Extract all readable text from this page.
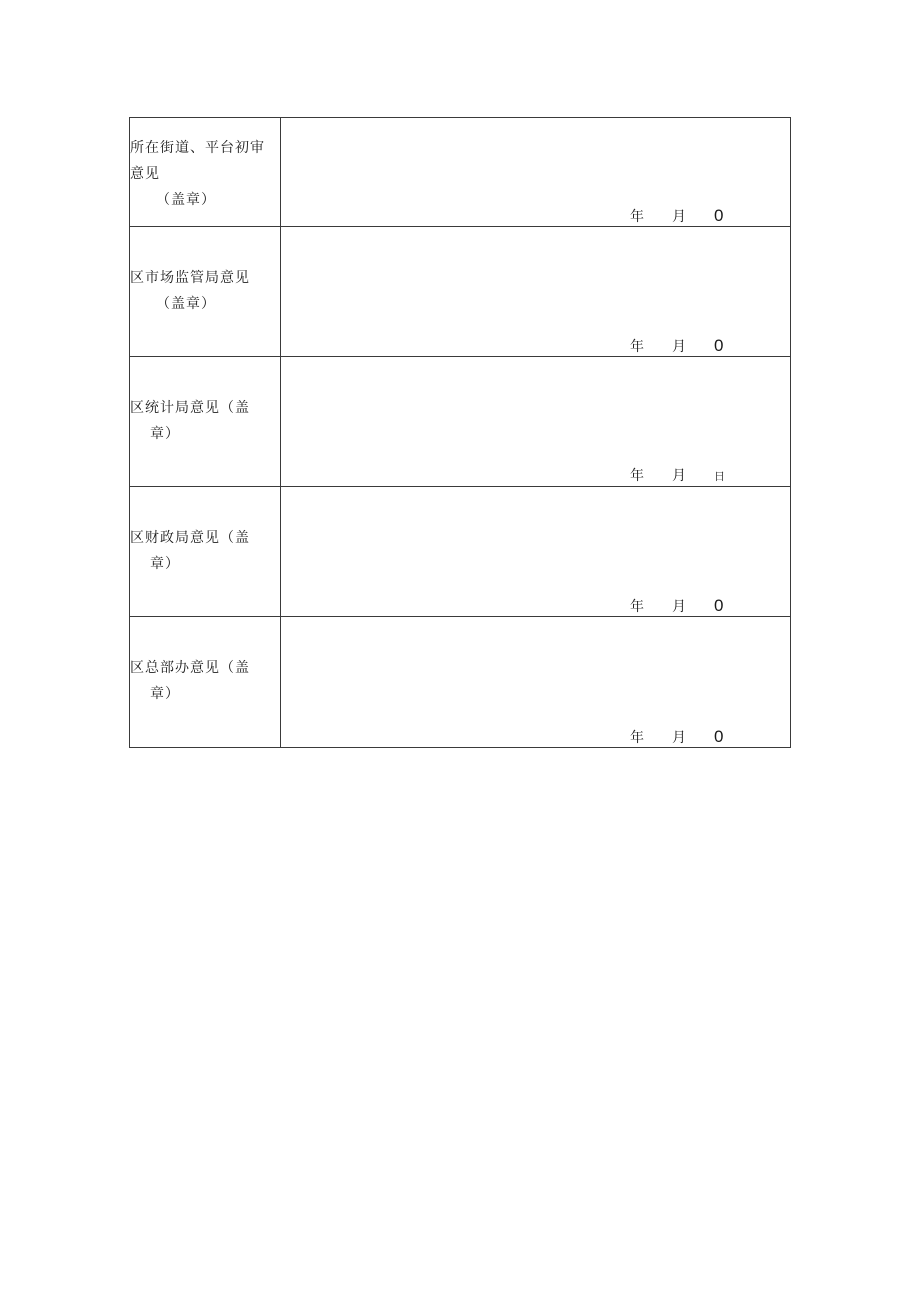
所在街道、平台初审
意见
（盖章）	年 月 0

区市场监管局意见
（盖章）	年 月 0

区统计局意见（盖
章）	年 月 日

区财政局意见（盖
章）	年 月 0

区总部办意见（盖
章）	年 月 0
